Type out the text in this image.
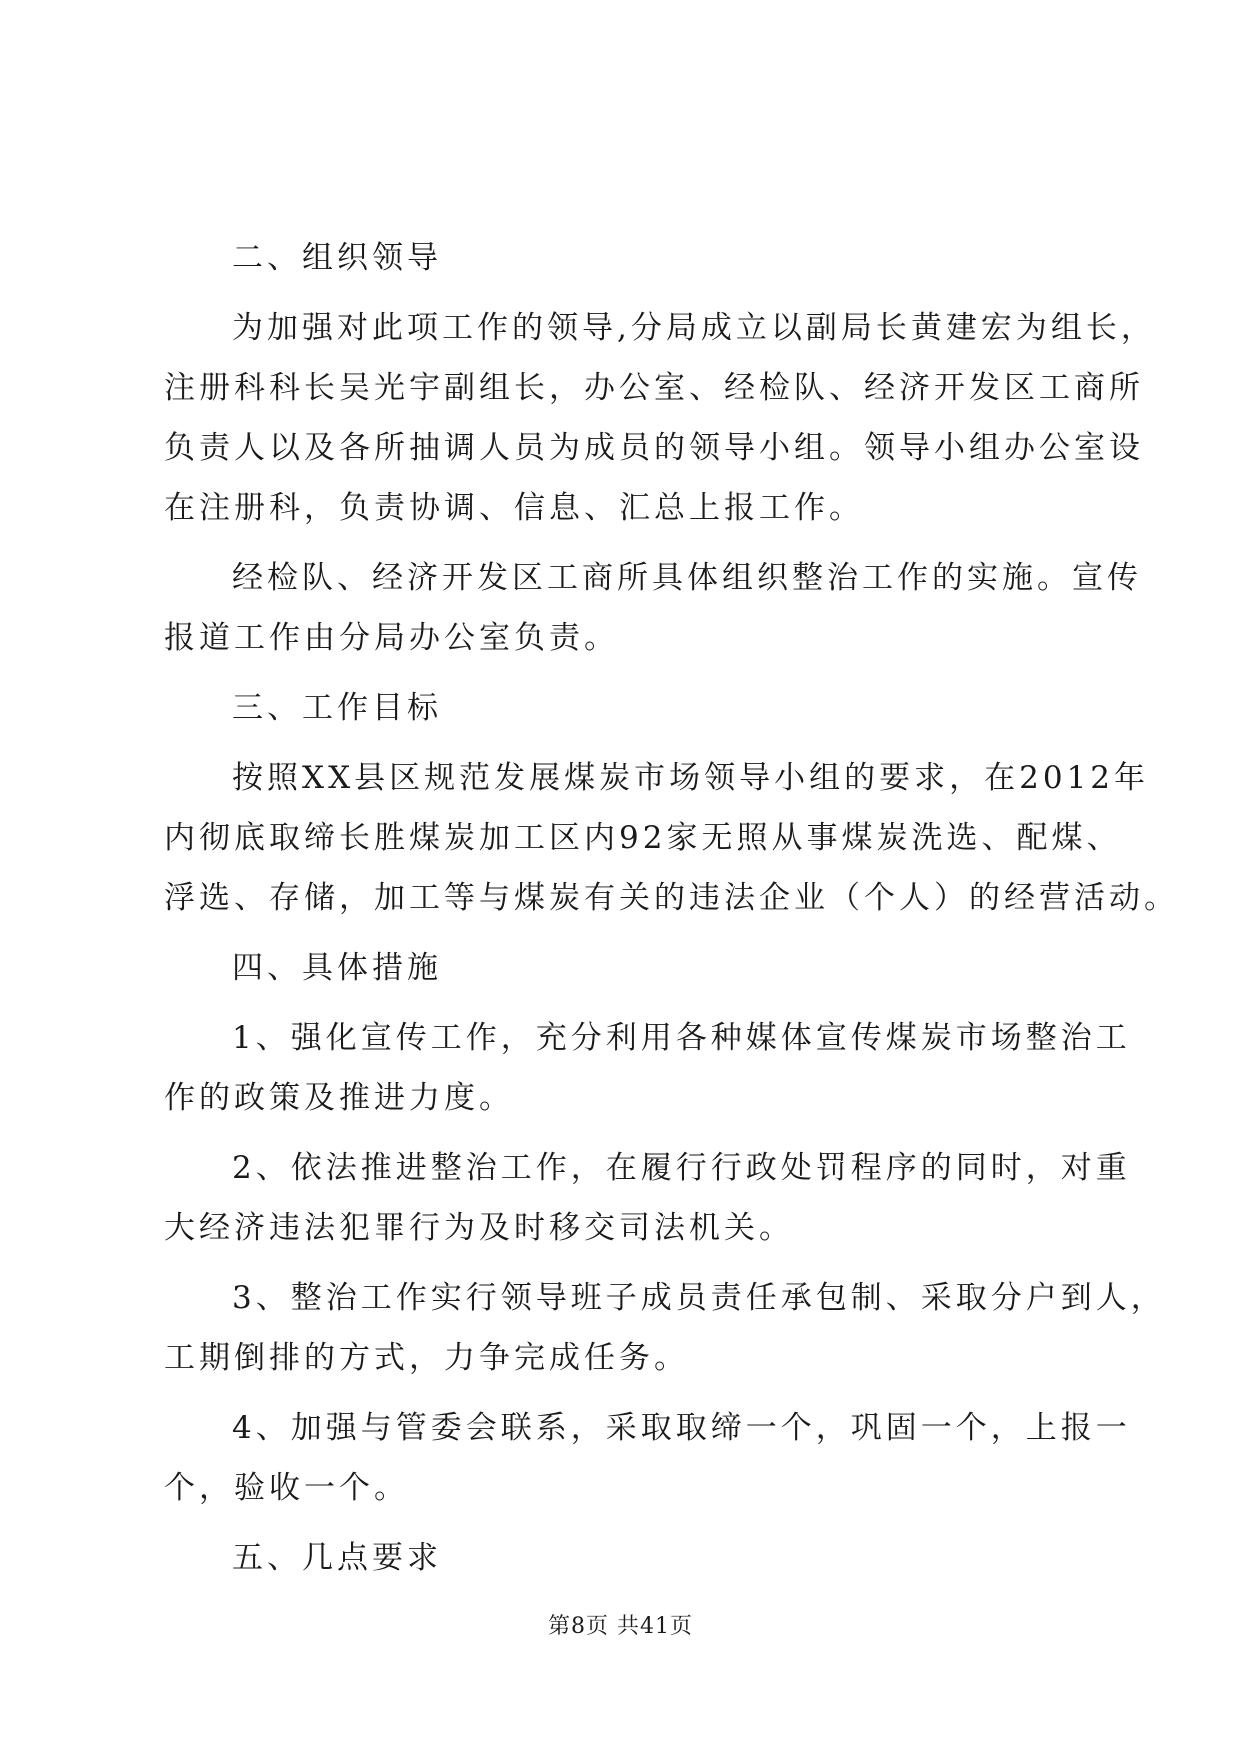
二、组织领导
为加强对此项工作的领导,分局成立以副局长黄建宏为组长，
注册科科长吴光宇副组长，办公室、经检队、经济开发区工商所
负责人以及各所抽调人员为成员的领导小组。领导小组办公室设
在注册科，负责协调、信息、汇总上报工作。
经检队、经济开发区工商所具体组织整治工作的实施。宣传
报道工作由分局办公室负责。
三、工作目标
按照XX县区规范发展煤炭市场领导小组的要求，在2012年
内彻底取缔长胜煤炭加工区内92家无照从事煤炭洗选、配煤、
浮选、存储，加工等与煤炭有关的违法企业（个人）的经营活动。
四、具体措施
1、强化宣传工作，充分利用各种媒体宣传煤炭市场整治工
作的政策及推进力度。
2、依法推进整治工作，在履行行政处罚程序的同时，对重
大经济违法犯罪行为及时移交司法机关。
3、整治工作实行领导班子成员责任承包制、采取分户到人，
工期倒排的方式，力争完成任务。
4、加强与管委会联系，采取取缔一个，巩固一个，上报一
个，验收一个。
五、几点要求
第8页 共41页
